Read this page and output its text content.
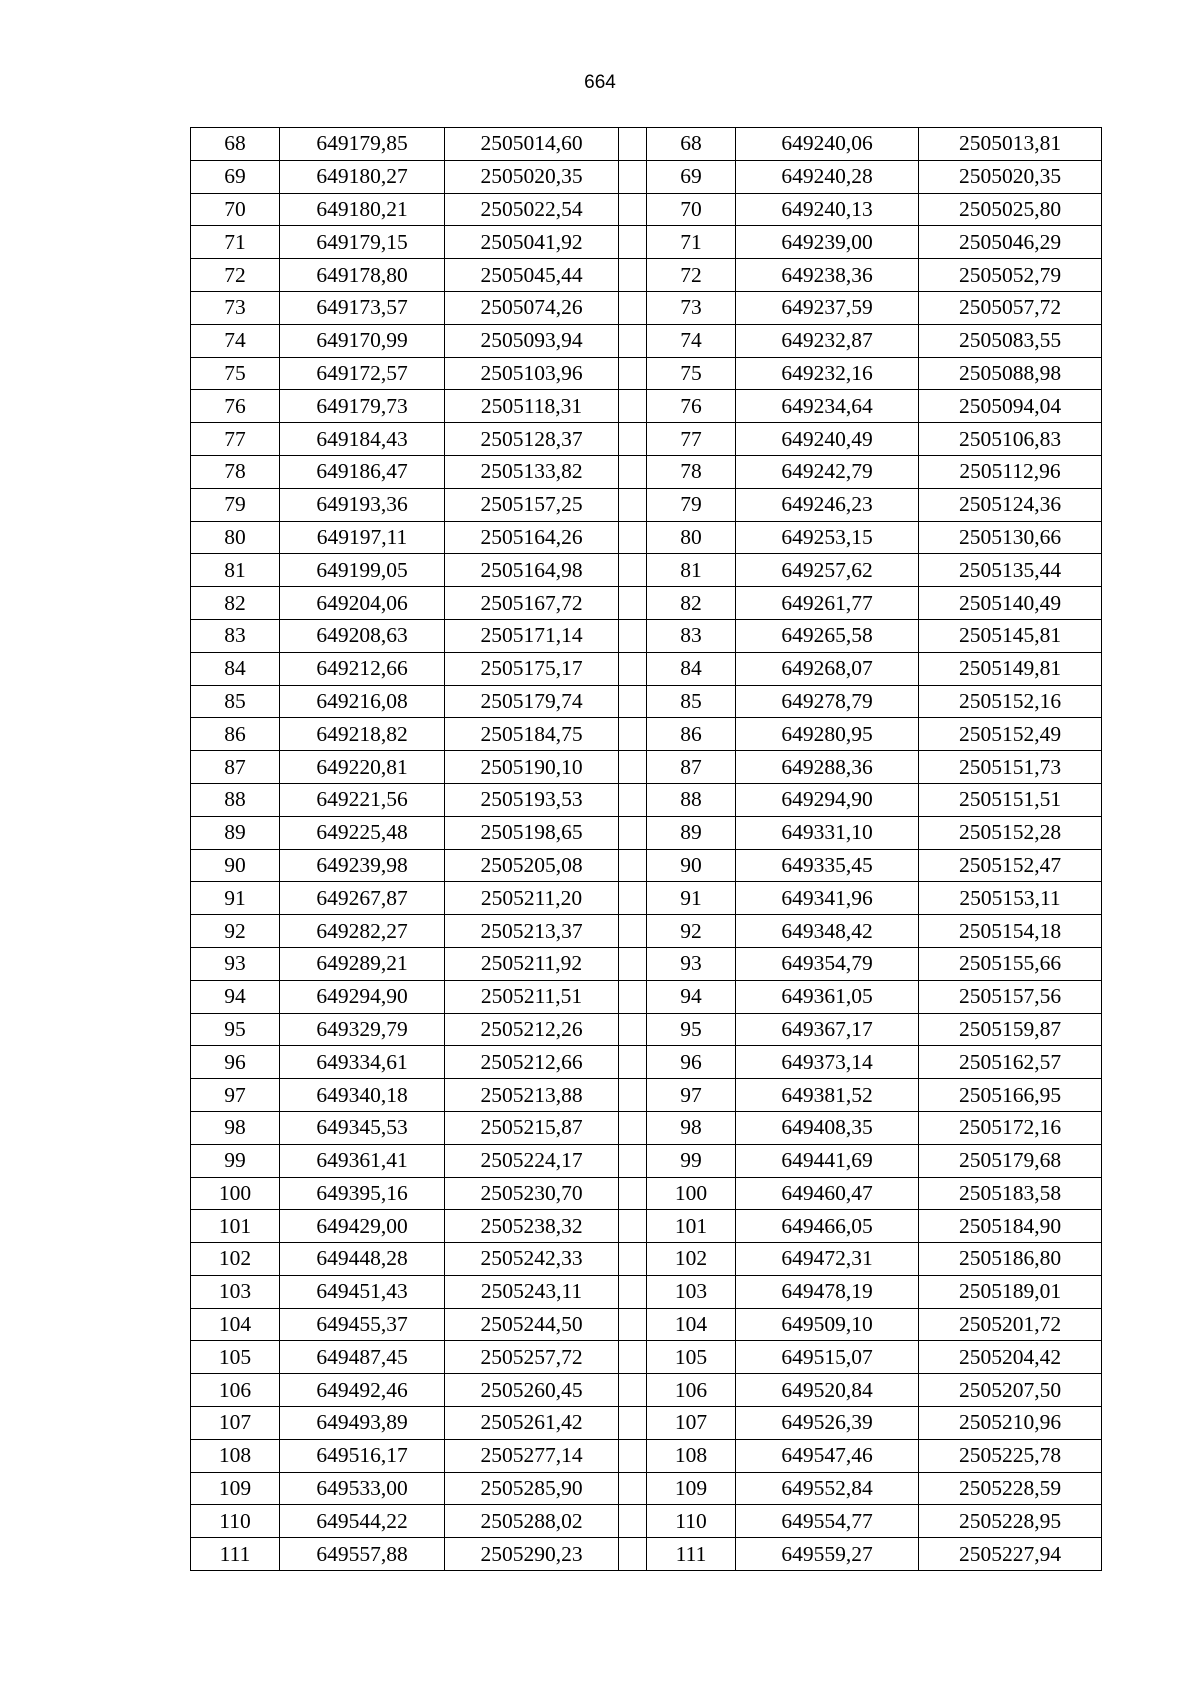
664
68	649179,85	2505014,60		68	649240,06	2505013,81
69	649180,27	2505020,35		69	649240,28	2505020,35
70	649180,21	2505022,54		70	649240,13	2505025,80
71	649179,15	2505041,92		71	649239,00	2505046,29
72	649178,80	2505045,44		72	649238,36	2505052,79
73	649173,57	2505074,26		73	649237,59	2505057,72
74	649170,99	2505093,94		74	649232,87	2505083,55
75	649172,57	2505103,96		75	649232,16	2505088,98
76	649179,73	2505118,31		76	649234,64	2505094,04
77	649184,43	2505128,37		77	649240,49	2505106,83
78	649186,47	2505133,82		78	649242,79	2505112,96
79	649193,36	2505157,25		79	649246,23	2505124,36
80	649197,11	2505164,26		80	649253,15	2505130,66
81	649199,05	2505164,98		81	649257,62	2505135,44
82	649204,06	2505167,72		82	649261,77	2505140,49
83	649208,63	2505171,14		83	649265,58	2505145,81
84	649212,66	2505175,17		84	649268,07	2505149,81
85	649216,08	2505179,74		85	649278,79	2505152,16
86	649218,82	2505184,75		86	649280,95	2505152,49
87	649220,81	2505190,10		87	649288,36	2505151,73
88	649221,56	2505193,53		88	649294,90	2505151,51
89	649225,48	2505198,65		89	649331,10	2505152,28
90	649239,98	2505205,08		90	649335,45	2505152,47
91	649267,87	2505211,20		91	649341,96	2505153,11
92	649282,27	2505213,37		92	649348,42	2505154,18
93	649289,21	2505211,92		93	649354,79	2505155,66
94	649294,90	2505211,51		94	649361,05	2505157,56
95	649329,79	2505212,26		95	649367,17	2505159,87
96	649334,61	2505212,66		96	649373,14	2505162,57
97	649340,18	2505213,88		97	649381,52	2505166,95
98	649345,53	2505215,87		98	649408,35	2505172,16
99	649361,41	2505224,17		99	649441,69	2505179,68
100	649395,16	2505230,70		100	649460,47	2505183,58
101	649429,00	2505238,32		101	649466,05	2505184,90
102	649448,28	2505242,33		102	649472,31	2505186,80
103	649451,43	2505243,11		103	649478,19	2505189,01
104	649455,37	2505244,50		104	649509,10	2505201,72
105	649487,45	2505257,72		105	649515,07	2505204,42
106	649492,46	2505260,45		106	649520,84	2505207,50
107	649493,89	2505261,42		107	649526,39	2505210,96
108	649516,17	2505277,14		108	649547,46	2505225,78
109	649533,00	2505285,90		109	649552,84	2505228,59
110	649544,22	2505288,02		110	649554,77	2505228,95
111	649557,88	2505290,23		111	649559,27	2505227,94
